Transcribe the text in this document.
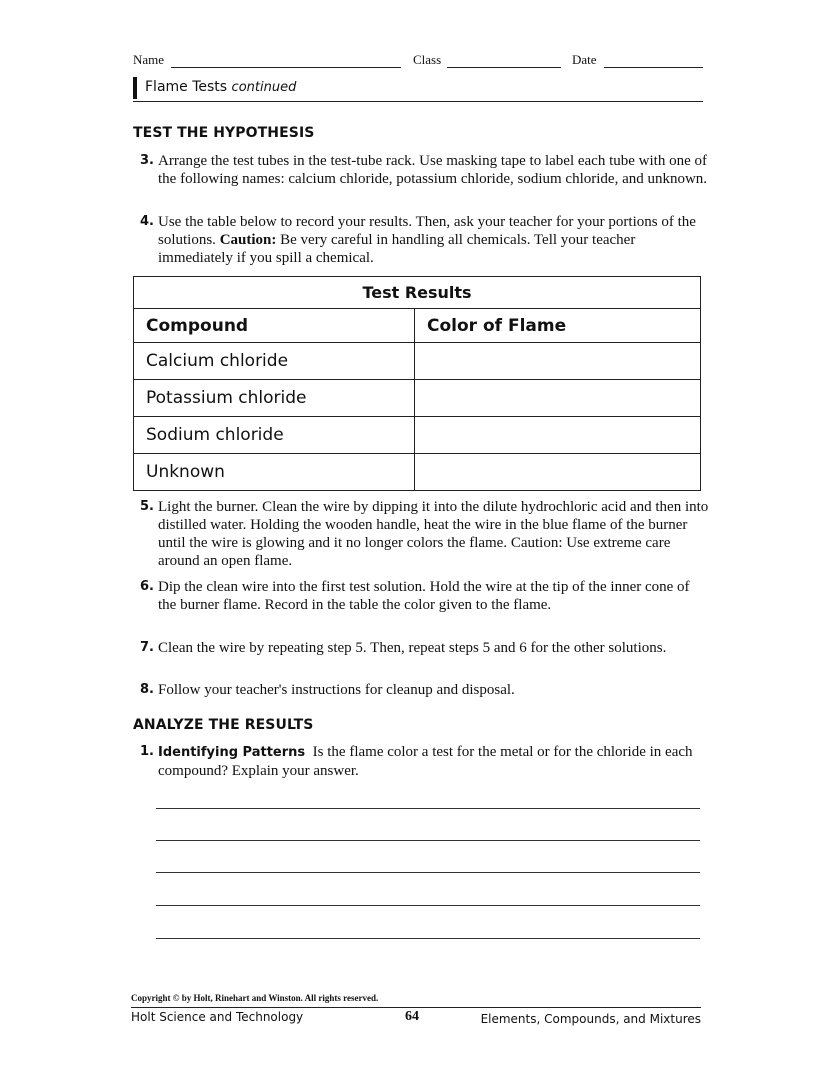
Name	Class	Date
Flame Tests continued
TEST THE HYPOTHESIS
3. Arrange the test tubes in the test-tube rack. Use masking tape to label each tube with one of the following names: calcium chloride, potassium chloride, sodium chloride, and unknown.
4. Use the table below to record your results. Then, ask your teacher for your portions of the solutions. Caution: Be very careful in handling all chemicals. Tell your teacher immediately if you spill a chemical.
Test Results	
Compound	Color of Flame
Calcium chloride	
Potassium chloride	
Sodium chloride	
Unknown	
5. Light the burner. Clean the wire by dipping it into the dilute hydrochloric acid and then into distilled water. Holding the wooden handle, heat the wire in the blue flame of the burner until the wire is glowing and it no longer colors the flame. Caution: Use extreme care around an open flame.
6. Dip the clean wire into the first test solution. Hold the wire at the tip of the inner cone of the burner flame. Record in the table the color given to the flame.
7. Clean the wire by repeating step 5. Then, repeat steps 5 and 6 for the other solutions.
8. Follow your teacher's instructions for cleanup and disposal.
ANALYZE THE RESULTS
1. Identifying Patterns Is the flame color a test for the metal or for the chloride in each compound? Explain your answer.
Copyright © by Holt, Rinehart and Winston. All rights reserved.
Holt Science and Technology	64	Elements, Compounds, and Mixtures
